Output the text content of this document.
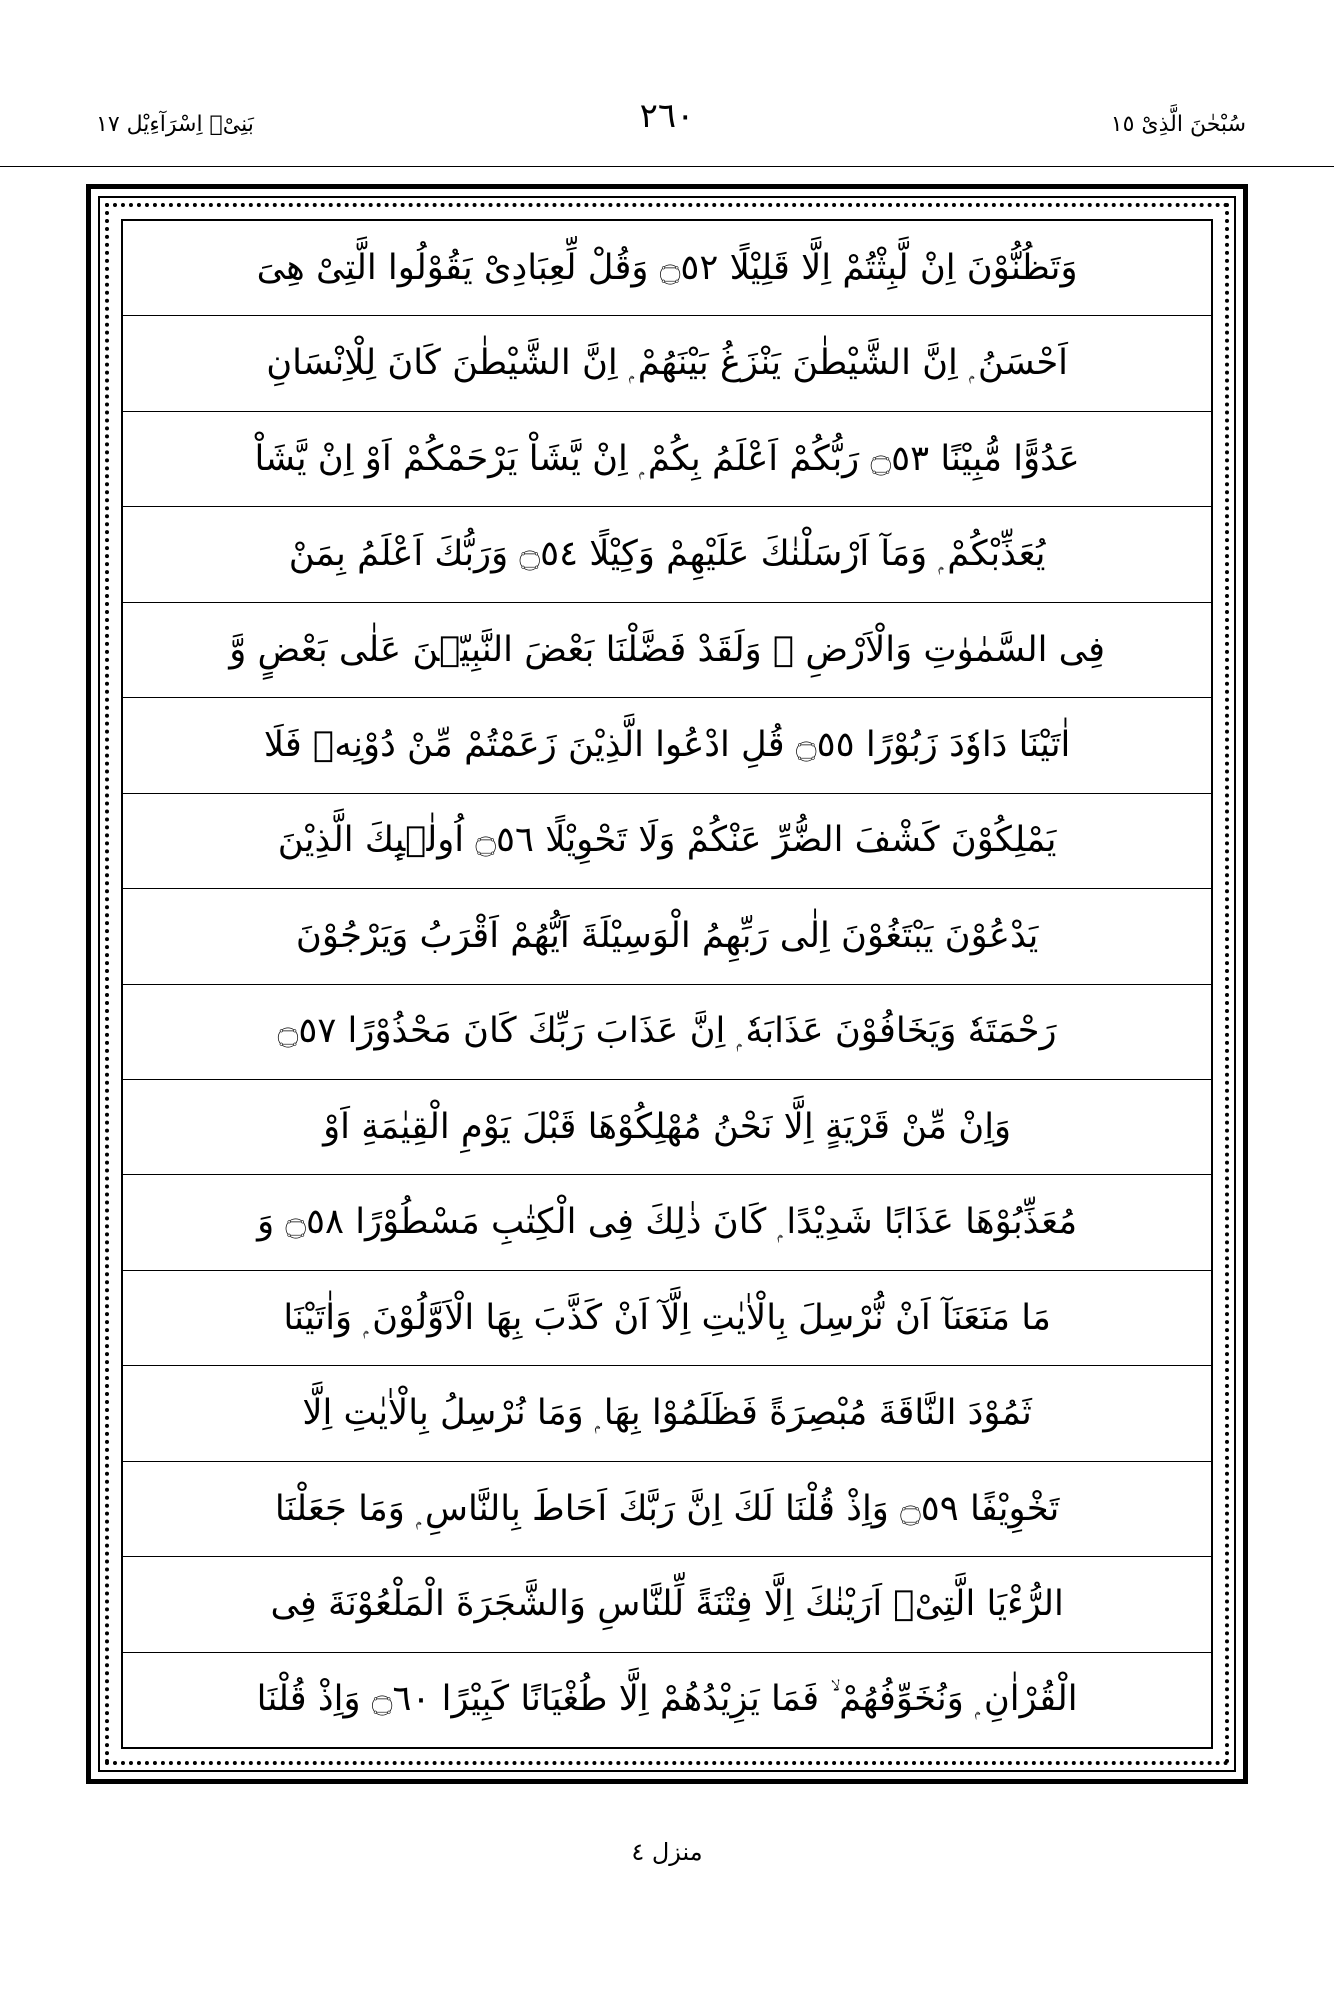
سُبْحٰنَ الَّذِىْ ١٥
بَنِىْۤ اِسْرَآءِيْل ١٧	٢٦٠
وَتَظُنُّوْنَ اِنْ لَّبِثْتُمْ اِلَّا قَلِيْلًا ۝٥٢ وَقُلْ لِّعِبَادِىْ يَقُوْلُوا الَّتِىْ هِىَ
اَحْسَنُ ۭ اِنَّ الشَّيْطٰنَ يَنْزَغُ بَيْنَهُمْ ۭ اِنَّ الشَّيْطٰنَ كَانَ لِلْاِنْسَانِ
عَدُوًّا مُّبِيْنًا ۝٥٣ رَبُّكُمْ اَعْلَمُ بِكُمْ ۭ اِنْ يَّشَاْ يَرْحَمْكُمْ اَوْ اِنْ يَّشَاْ
يُعَذِّبْكُمْ ۭ وَمَآ اَرْسَلْنٰكَ عَلَيْهِمْ وَكِيْلًا ۝٥٤ وَرَبُّكَ اَعْلَمُ بِمَنْ
فِى السَّمٰوٰتِ وَالْاَرْضِ ۭ وَلَقَدْ فَضَّلْنَا بَعْضَ النَّبِيّٖنَ عَلٰى بَعْضٍ وَّ
اٰتَيْنَا دَاوٗدَ زَبُوْرًا ۝٥٥ قُلِ ادْعُوا الَّذِيْنَ زَعَمْتُمْ مِّنْ دُوْنِهٖ فَلَا
يَمْلِكُوْنَ كَشْفَ الضُّرِّ عَنْكُمْ وَلَا تَحْوِيْلًا ۝٥٦ اُولٰۗىِٕكَ الَّذِيْنَ
يَدْعُوْنَ يَبْتَغُوْنَ اِلٰى رَبِّهِمُ الْوَسِيْلَةَ اَيُّهُمْ اَقْرَبُ وَيَرْجُوْنَ
رَحْمَتَهٗ وَيَخَافُوْنَ عَذَابَهٗ ۭ اِنَّ عَذَابَ رَبِّكَ كَانَ مَحْذُوْرًا ۝٥٧
وَاِنْ مِّنْ قَرْيَةٍ اِلَّا نَحْنُ مُهْلِكُوْهَا قَبْلَ يَوْمِ الْقِيٰمَةِ اَوْ
مُعَذِّبُوْهَا عَذَابًا شَدِيْدًا ۭ كَانَ ذٰلِكَ فِى الْكِتٰبِ مَسْطُوْرًا ۝٥٨ وَ
مَا مَنَعَنَآ اَنْ نُّرْسِلَ بِالْاٰيٰتِ اِلَّآ اَنْ كَذَّبَ بِهَا الْاَوَّلُوْنَ ۭ وَاٰتَيْنَا
ثَمُوْدَ النَّاقَةَ مُبْصِرَةً فَظَلَمُوْا بِهَا ۭ وَمَا نُرْسِلُ بِالْاٰيٰتِ اِلَّا
تَخْوِيْفًا ۝٥٩ وَاِذْ قُلْنَا لَكَ اِنَّ رَبَّكَ اَحَاطَ بِالنَّاسِ ۭ وَمَا جَعَلْنَا
الرُّءْيَا الَّتِىْۤ اَرَيْنٰكَ اِلَّا فِتْنَةً لِّلنَّاسِ وَالشَّجَرَةَ الْمَلْعُوْنَةَ فِى
الْقُرْاٰنِ ۭ وَنُخَوِّفُهُمْ ۙ فَمَا يَزِيْدُهُمْ اِلَّا طُغْيَانًا كَبِيْرًا ۝٦٠ وَاِذْ قُلْنَا
منزل ٤
